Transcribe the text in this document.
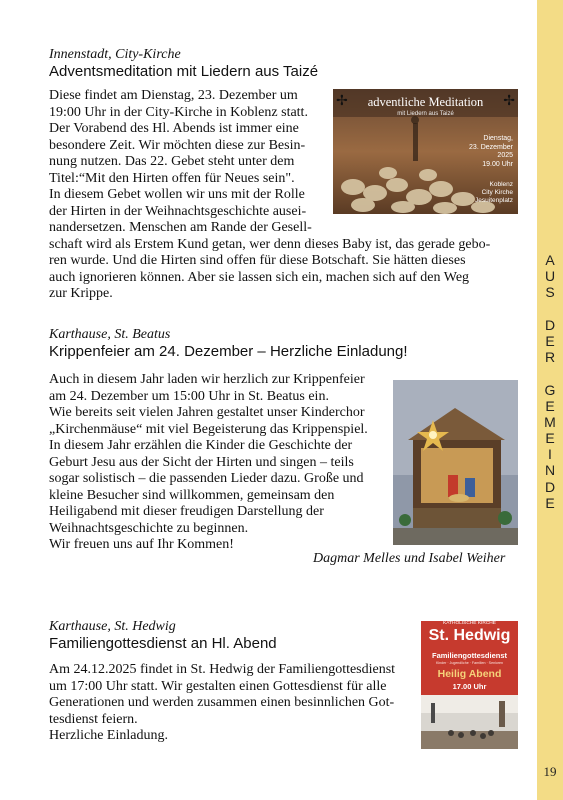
A
U
S
D
E
R
G
E
M
E
I
N
D
E
19
Innenstadt, City-Kirche
Adventsmeditation mit Liedern aus Taizé
Diese findet am Dienstag, 23. Dezember um
19:00 Uhr in der City-Kirche in Koblenz statt.
Der Vorabend des Hl. Abends ist immer eine
besondere Zeit. Wir möchten diese zur Besin-
nung nutzen. Das 22. Gebet steht unter dem
Titel:“Mit den Hirten offen für Neues sein".
In diesem Gebet wollen wir uns mit der Rolle
der Hirten in der Weihnachtsgeschichte ausei-
nandersetzen. Menschen am Rande der Gesell-
schaft wird als Erstem Kund getan, wer denn dieses Baby ist, das gerade gebo-
ren wurde. Und die Hirten sind offen für diese Botschaft. Sie hätten dieses
auch ignorieren können. Aber sie lassen sich ein, machen sich auf den Weg
zur Krippe.
adventliche Meditation
mit Liedern aus Taizé
✢	✢
Dienstag,
23. Dezember
2025
19.00 Uhr
Koblenz
City Kirche
Jesuitenplatz
Karthause, St. Beatus
Krippenfeier am 24. Dezember – Herzliche Einladung!
Auch in diesem Jahr laden wir herzlich zur Krippenfeier
am 24. Dezember um 15:00 Uhr in St. Beatus ein.
Wie bereits seit vielen Jahren gestaltet unser Kinderchor
„Kirchenmäuse“ mit viel Begeisterung das Krippenspiel.
In diesem Jahr erzählen die Kinder die Geschichte der
Geburt Jesu aus der Sicht der Hirten und singen – teils
sogar solistisch – die passenden Lieder dazu. Große und
kleine Besucher sind willkommen, gemeinsam den
Heiligabend mit dieser freudigen Darstellung der
Weihnachtsgeschichte zu beginnen.
Wir freuen uns auf Ihr Kommen!
Dagmar Melles und Isabel Weiher
Karthause, St. Hedwig
Familiengottesdienst an Hl. Abend
Am 24.12.2025 findet in St. Hedwig der Familiengottesdienst
um 17:00 Uhr statt. Wir gestalten einen Gottesdienst für alle
Generationen und werden zusammen einen besinnlichen Got-
tesdienst feiern.
Herzliche Einladung.
KATHOLISCHE KIRCHE
St. Hedwig
Familiengottesdienst
Kinder · Jugendliche · Familien · Senioren
Heilig Abend
17.00 Uhr
